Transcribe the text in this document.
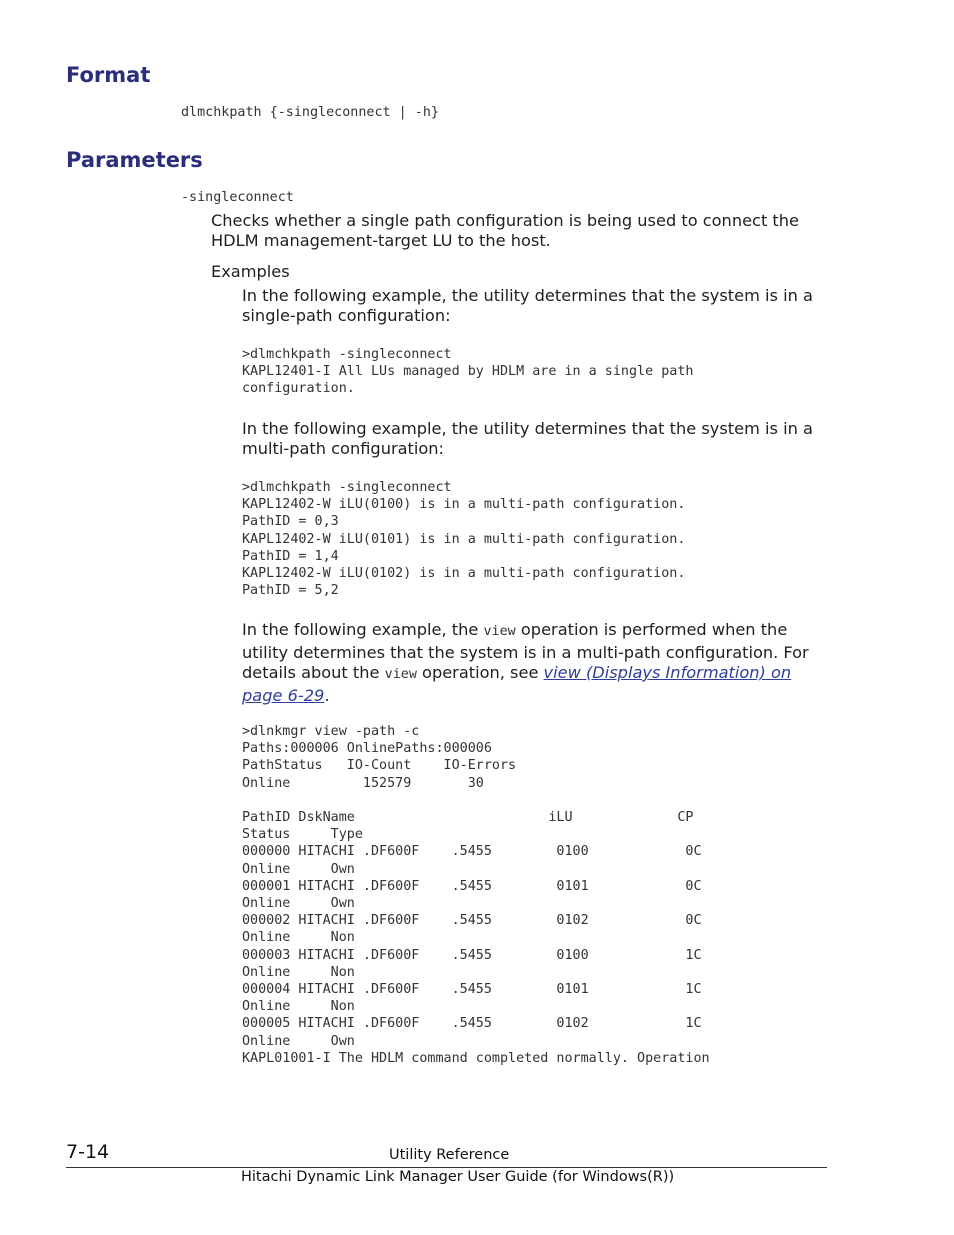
Format
dlmchkpath {-singleconnect | -h}
Parameters
-singleconnect

Checks whether a single path configuration is being used to connect the HDLM management-target LU to the host.

Examples

In the following example, the utility determines that the system is in a single-path configuration:

>dlmchkpath -singleconnect
KAPL12401-I All LUs managed by HDLM are in a single path
configuration.

In the following example, the utility determines that the system is in a multi-path configuration:

>dlmchkpath -singleconnect
KAPL12402-W iLU(0100) is in a multi-path configuration.
PathID = 0,3
KAPL12402-W iLU(0101) is in a multi-path configuration.
PathID = 1,4
KAPL12402-W iLU(0102) is in a multi-path configuration.
PathID = 5,2

In the following example, the view operation is performed when the utility determines that the system is in a multi-path configuration. For details about the view operation, see view (Displays Information) on page 6-29.

>dlnkmgr view -path -c
Paths:000006 OnlinePaths:000006
PathStatus   IO-Count    IO-Errors
Online         152579       30

PathID DskName                        iLU             CP
Status     Type
000000 HITACHI .DF600F    .5455        0100            0C
Online     Own
000001 HITACHI .DF600F    .5455        0101            0C
Online     Own
000002 HITACHI .DF600F    .5455        0102            0C
Online     Non
000003 HITACHI .DF600F    .5455        0100            1C
Online     Non
000004 HITACHI .DF600F    .5455        0101            1C
Online     Non
000005 HITACHI .DF600F    .5455        0102            1C
Online     Own
KAPL01001-I The HDLM command completed normally. Operation
7-14	Utility Reference
Hitachi Dynamic Link Manager User Guide (for Windows(R))
